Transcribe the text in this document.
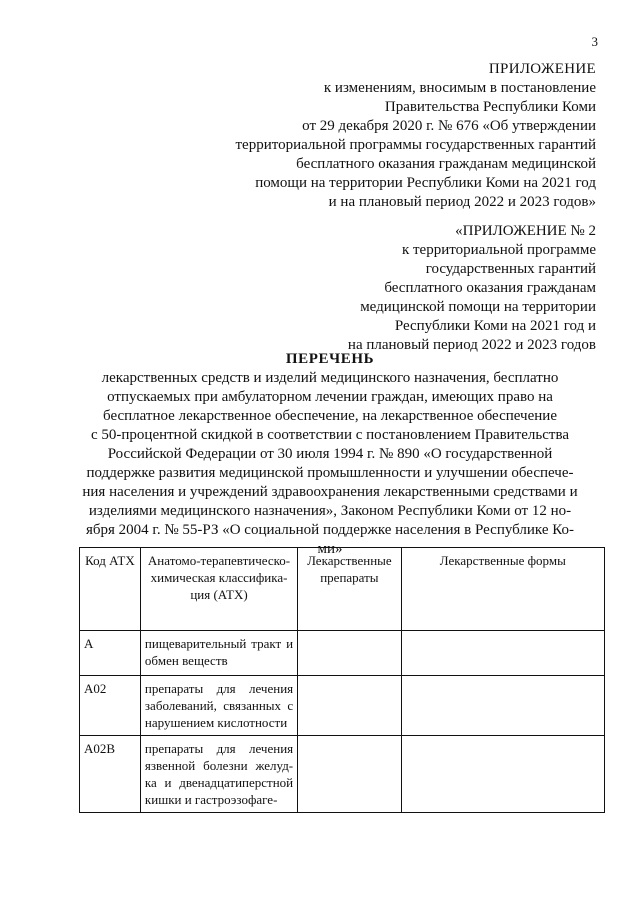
3
ПРИЛОЖЕНИЕ
к изменениям, вносимым в постановление
Правительства Республики Коми
от 29 декабря 2020 г. № 676 «Об утверждении
территориальной программы государственных гарантий
бесплатного оказания гражданам медицинской
помощи на территории Республики Коми на 2021 год
и на плановый период 2022 и 2023 годов»
«ПРИЛОЖЕНИЕ № 2
к территориальной программе
государственных гарантий
бесплатного оказания гражданам
медицинской помощи на территории
Республики Коми на 2021 год и
на плановый период 2022 и 2023 годов
ПЕРЕЧЕНЬ
лекарственных средств и изделий медицинского назначения, бесплатно
отпускаемых при амбулаторном лечении граждан, имеющих право на
бесплатное лекарственное обеспечение, на лекарственное обеспечение
с 50-процентной скидкой в соответствии с постановлением Правительства
Российской Федерации от 30 июля 1994 г. № 890 «О государственной
поддержке развития медицинской промышленности и улучшении обеспече-
ния населения и учреждений здравоохранения лекарственными средствами и
изделиями медицинского назначения», Законом Республики Коми от 12 но-
ября 2004 г. № 55-РЗ «О социальной поддержке населения в Республике Ко-
ми»
Код АТХ	Анатомо-терапевтическо-химическая классифика-ция (АТХ)	Лекарственные препараты	Лекарственные формы
А	пищеварительный тракт и обмен веществ		
А02	препараты для лечения заболеваний, связанных с нарушением кислотности		
А02В	препараты для лечения язвенной болезни желуд-ка и двенадцатиперстной кишки и гастроэзофаге-		
